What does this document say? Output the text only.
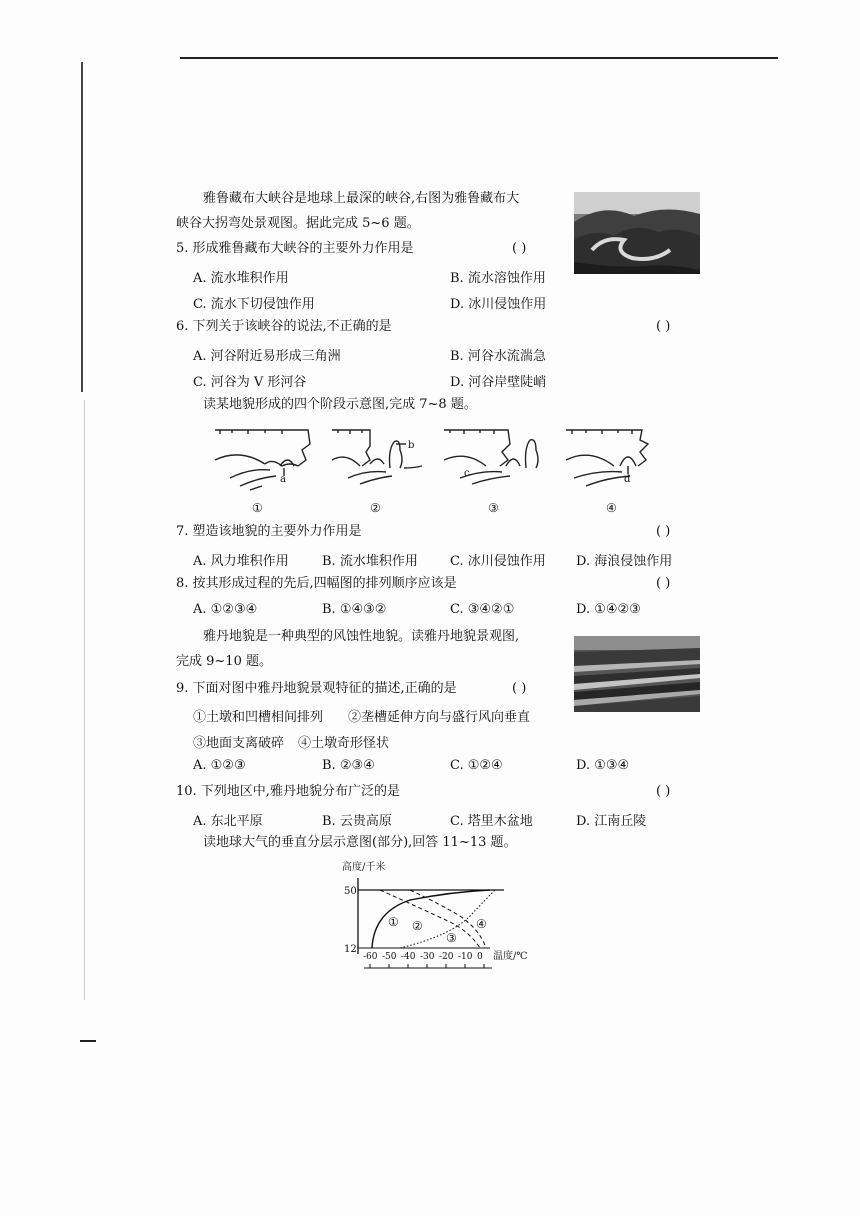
雅鲁藏布大峡谷是地球上最深的峡谷,右图为雅鲁藏布大
峡谷大拐弯处景观图。据此完成 5~6 题。
5. 形成雅鲁藏布大峡谷的主要外力作用是	( )
A. 流水堆积作用	B. 流水溶蚀作用
C. 流水下切侵蚀作用	D. 冰川侵蚀作用
6. 下列关于该峡谷的说法,不正确的是	( )
A. 河谷附近易形成三角洲	B. 河谷水流湍急
C. 河谷为 V 形河谷	D. 河谷岸壁陡峭
读某地貌形成的四个阶段示意图,完成 7~8 题。
a
b
c
d
①	②	③	④
7. 塑造该地貌的主要外力作用是	( )
A. 风力堆积作用	B. 流水堆积作用 C. 冰川侵蚀作用 D. 海浪侵蚀作用
8. 按其形成过程的先后,四幅图的排列顺序应该是	( )
A. ①②③④	B. ①④③②	C. ③④②①	D. ①④②③
雅丹地貌是一种典型的风蚀性地貌。读雅丹地貌景观图,
完成 9~10 题。
9. 下面对图中雅丹地貌景观特征的描述,正确的是	( )
①土墩和凹槽相间排列 ②垄槽延伸方向与盛行风向垂直
③地面支离破碎 ④土墩奇形怪状
A. ①②③	B. ②③④	C. ①②④	D. ①③④
10. 下列地区中,雅丹地貌分布广泛的是	( )
A. 东北平原	B. 云贵高原	C. 塔里木盆地	D. 江南丘陵
读地球大气的垂直分层示意图(部分),回答 11~13 题。
高度/千米
50
12
-60 -50 -40 -30 -20 -10 0 温度/℃
① ②
③
④
